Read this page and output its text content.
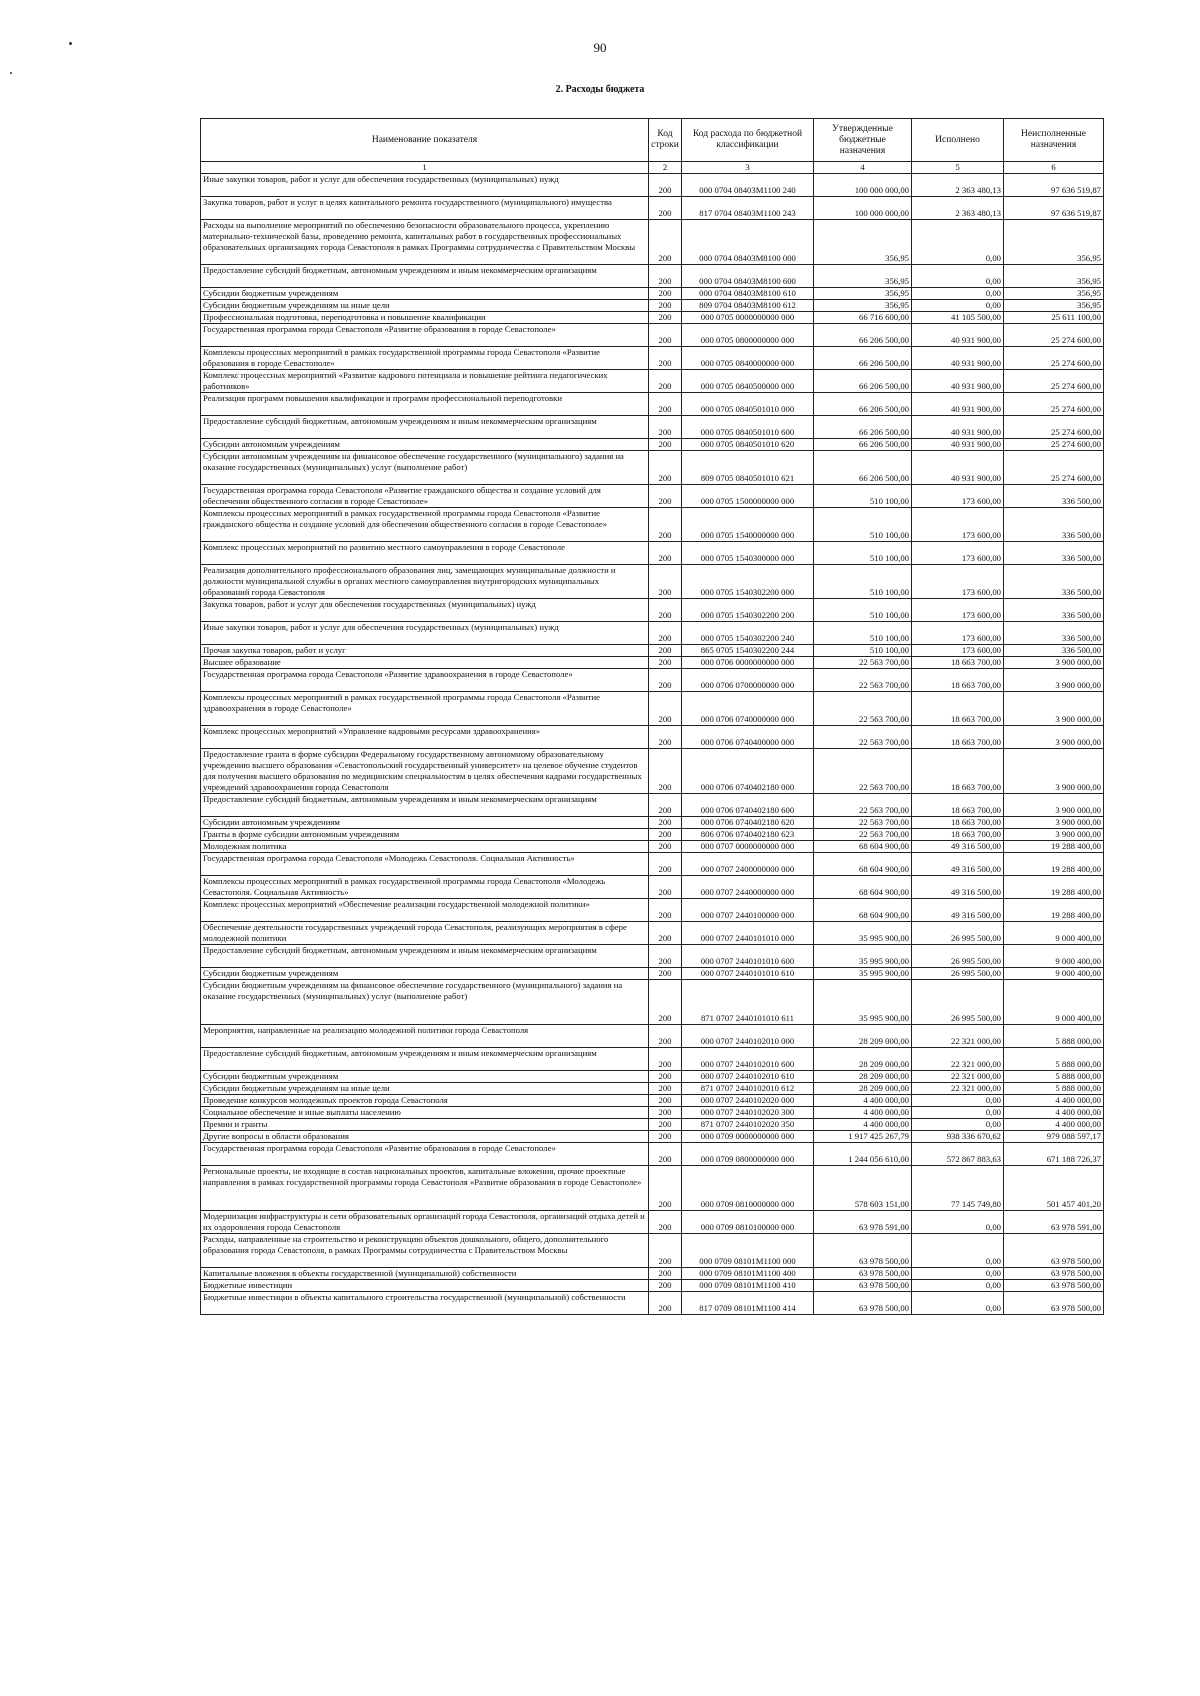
90
2. Расходы бюджета
Наименование показателя	Код строки	Код расхода по бюджетной классификации	Утвержденные бюджетные назначения	Исполнено	Неисполненные назначения
1	2	3	4	5	6
Иные закупки товаров, работ и услуг для обеспечения государственных (муниципальных) нужд	200	000 0704 08403M1100 240	100 000 000,00	2 363 480,13	97 636 519,87
Закупка товаров, работ и услуг в целях капитального ремонта государственного (муниципального) имущества	200	817 0704 08403M1100 243	100 000 000,00	2 363 480,13	97 636 519,87
Расходы на выполнение мероприятий по обеспечению безопасности образовательного процесса, укреплению материально-технической базы, проведению ремонта, капитальных работ в государственных профессиональных образовательных организациях города Севастополя в рамках Программы сотрудничества с Правительством Москвы	200	000 0704 08403M8100 000	356,95	0,00	356,95
Предоставление субсидий бюджетным, автономным учреждениям и иным некоммерческим организациям	200	000 0704 08403M8100 600	356,95	0,00	356,95
Субсидии бюджетным учреждениям	200	000 0704 08403M8100 610	356,95	0,00	356,95
Субсидии бюджетным учреждениям на иные цели	200	809 0704 08403M8100 612	356,95	0,00	356,95
Профессиональная подготовка, переподготовка и повышение квалификации	200	000 0705 0000000000 000	66 716 600,00	41 105 500,00	25 611 100,00
Государственная программа города Севастополя «Развитие образования в городе Севастополе»	200	000 0705 0800000000 000	66 206 500,00	40 931 900,00	25 274 600,00
Комплексы процессных мероприятий в рамках государственной программы города Севастополя «Развитие образования в городе Севастополе»	200	000 0705 0840000000 000	66 206 500,00	40 931 900,00	25 274 600,00
Комплекс процессных мероприятий «Развитие кадрового потенциала и повышение рейтинга педагогических работников»	200	000 0705 0840500000 000	66 206 500,00	40 931 900,00	25 274 600,00
Реализация программ повышения квалификации и программ профессиональной переподготовки	200	000 0705 0840501010 000	66 206 500,00	40 931 900,00	25 274 600,00
Предоставление субсидий бюджетным, автономным учреждениям и иным некоммерческим организациям	200	000 0705 0840501010 600	66 206 500,00	40 931 900,00	25 274 600,00
Субсидии автономным учреждениям	200	000 0705 0840501010 620	66 206 500,00	40 931 900,00	25 274 600,00
Субсидии автономным учреждениям на финансовое обеспечение государственного (муниципального) задания на оказание государственных (муниципальных) услуг (выполнение работ)	200	809 0705 0840501010 621	66 206 500,00	40 931 900,00	25 274 600,00
Государственная программа города Севастополя «Развитие гражданского общества и создание условий для обеспечения общественного согласия в городе Севастополе»	200	000 0705 1500000000 000	510 100,00	173 600,00	336 500,00
Комплексы процессных мероприятий в рамках государственной программы города Севастополя «Развитие гражданского общества и создание условий для обеспечения общественного согласия в городе Севастополе»	200	000 0705 1540000000 000	510 100,00	173 600,00	336 500,00
Комплекс процессных мероприятий по развитию местного самоуправления в городе Севастополе	200	000 0705 1540300000 000	510 100,00	173 600,00	336 500,00
Реализация дополнительного профессионального образования лиц, замещающих муниципальные должности и должности муниципальной службы в органах местного самоуправления внутригородских муниципальных образований города Севастополя	200	000 0705 1540302200 000	510 100,00	173 600,00	336 500,00
Закупка товаров, работ и услуг для обеспечения государственных (муниципальных) нужд	200	000 0705 1540302200 200	510 100,00	173 600,00	336 500,00
Иные закупки товаров, работ и услуг для обеспечения государственных (муниципальных) нужд	200	000 0705 1540302200 240	510 100,00	173 600,00	336 500,00
Прочая закупка товаров, работ и услуг	200	865 0705 1540302200 244	510 100,00	173 600,00	336 500,00
Высшее образование	200	000 0706 0000000000 000	22 563 700,00	18 663 700,00	3 900 000,00
Государственная программа города Севастополя «Развитие здравоохранения в городе Севастополе»	200	000 0706 0700000000 000	22 563 700,00	18 663 700,00	3 900 000,00
Комплексы процессных мероприятий в рамках государственной программы города Севастополя «Развитие здравоохранения в городе Севастополе»	200	000 0706 0740000000 000	22 563 700,00	18 663 700,00	3 900 000,00
Комплекс процессных мероприятий «Управление кадровыми ресурсами здравоохранения»	200	000 0706 0740400000 000	22 563 700,00	18 663 700,00	3 900 000,00
Предоставление гранта в форме субсидии Федеральному государственному автономному образовательному учреждению высшего образования «Севастопольский государственный университет» на целевое обучение студентов для получения высшего образования по медицинским специальностям в целях обеспечения кадрами государственных учреждений здравоохранения города Севастополя	200	000 0706 0740402180 000	22 563 700,00	18 663 700,00	3 900 000,00
Предоставление субсидий бюджетным, автономным учреждениям и иным некоммерческим организациям	200	000 0706 0740402180 600	22 563 700,00	18 663 700,00	3 900 000,00
Субсидии автономным учреждениям	200	000 0706 0740402180 620	22 563 700,00	18 663 700,00	3 900 000,00
Гранты в форме субсидии автономным учреждениям	200	806 0706 0740402180 623	22 563 700,00	18 663 700,00	3 900 000,00
Молодежная политика	200	000 0707 0000000000 000	68 604 900,00	49 316 500,00	19 288 400,00
Государственная программа города Севастополя «Молодежь Севастополя. Социальная Активность»	200	000 0707 2400000000 000	68 604 900,00	49 316 500,00	19 288 400,00
Комплексы процессных мероприятий в рамках государственной программы города Севастополя «Молодежь Севастополя. Социальная Активность»	200	000 0707 2440000000 000	68 604 900,00	49 316 500,00	19 288 400,00
Комплекс процессных мероприятий «Обеспечение реализации государственной молодежной политики»	200	000 0707 2440100000 000	68 604 900,00	49 316 500,00	19 288 400,00
Обеспечение деятельности государственных учреждений города Севастополя, реализующих мероприятия в сфере молодежной политики	200	000 0707 2440101010 000	35 995 900,00	26 995 500,00	9 000 400,00
Предоставление субсидий бюджетным, автономным учреждениям и иным некоммерческим организациям	200	000 0707 2440101010 600	35 995 900,00	26 995 500,00	9 000 400,00
Субсидии бюджетным учреждениям	200	000 0707 2440101010 610	35 995 900,00	26 995 500,00	9 000 400,00
Субсидии бюджетным учреждениям на финансовое обеспечение государственного (муниципального) задания на оказание государственных (муниципальных) услуг (выполнение работ)	200	871 0707 2440101010 611	35 995 900,00	26 995 500,00	9 000 400,00
Мероприятия, направленные на реализацию молодежной политики города Севастополя	200	000 0707 2440102010 000	28 209 000,00	22 321 000,00	5 888 000,00
Предоставление субсидий бюджетным, автономным учреждениям и иным некоммерческим организациям	200	000 0707 2440102010 600	28 209 000,00	22 321 000,00	5 888 000,00
Субсидии бюджетным учреждениям	200	000 0707 2440102010 610	28 209 000,00	22 321 000,00	5 888 000,00
Субсидии бюджетным учреждениям на иные цели	200	871 0707 2440102010 612	28 209 000,00	22 321 000,00	5 888 000,00
Проведение конкурсов молодежных проектов города Севастополя	200	000 0707 2440102020 000	4 400 000,00	0,00	4 400 000,00
Социальное обеспечение и иные выплаты населению	200	000 0707 2440102020 300	4 400 000,00	0,00	4 400 000,00
Премии и гранты	200	871 0707 2440102020 350	4 400 000,00	0,00	4 400 000,00
Другие вопросы в области образования	200	000 0709 0000000000 000	1 917 425 267,79	938 336 670,62	979 088 597,17
Государственная программа города Севастополя «Развитие образования в городе Севастополе»	200	000 0709 0800000000 000	1 244 056 610,00	572 867 883,63	671 188 726,37
Региональные проекты, не входящие в состав национальных проектов, капитальные вложения, прочие проектные направления в рамках государственной программы города Севастополя «Развитие образования в городе Севастополе»	200	000 0709 0810000000 000	578 603 151,00	77 145 749,80	501 457 401,20
Модернизация инфраструктуры и сети образовательных организаций города Севастополя, организаций отдыха детей и их оздоровления города Севастополя	200	000 0709 0810100000 000	63 978 591,00	0,00	63 978 591,00
Расходы, направленные на строительство и реконструкцию объектов дошкольного, общего, дополнительного образования города Севастополя, в рамках Программы сотрудничества с Правительством Москвы	200	000 0709 08101M1100 000	63 978 500,00	0,00	63 978 500,00
Капитальные вложения в объекты государственной (муниципальной) собственности	200	000 0709 08101M1100 400	63 978 500,00	0,00	63 978 500,00
Бюджетные инвестиции	200	000 0709 08101M1100 410	63 978 500,00	0,00	63 978 500,00
Бюджетные инвестиции в объекты капитального строительства государственной (муниципальной) собственности	200	817 0709 08101M1100 414	63 978 500,00	0,00	63 978 500,00
